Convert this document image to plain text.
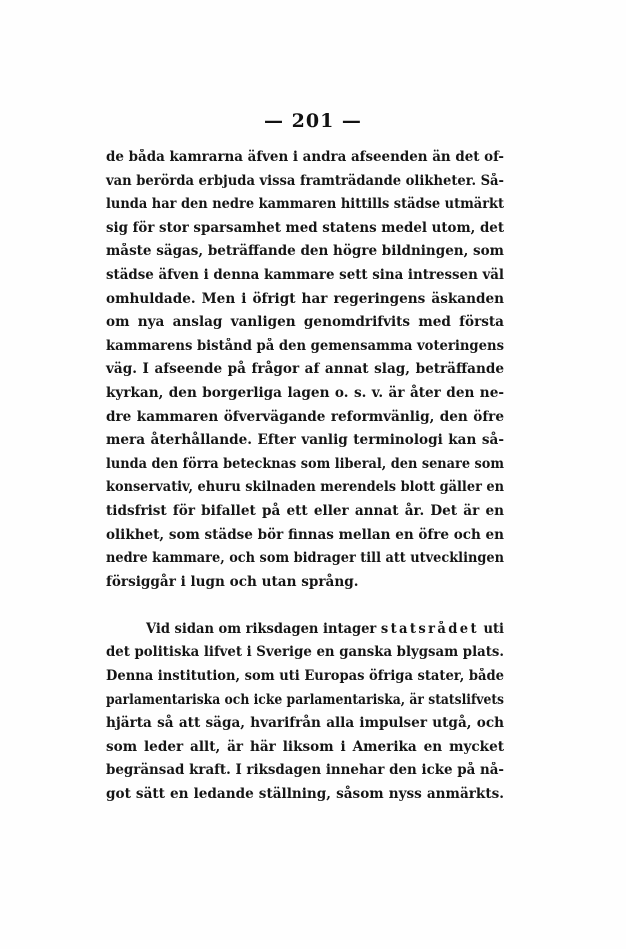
— 201 —
de båda kamrarna äfven i andra afseenden än det of-
van berörda erbjuda vissa framträdande olikheter. Så-
lunda har den nedre kammaren hittills städse utmärkt
sig för stor sparsamhet med statens medel utom, det
måste sägas, beträffande den högre bildningen, som
städse äfven i denna kammare sett sina intressen väl
omhuldade. Men i öfrigt har regeringens äskanden
om nya anslag vanligen genomdrifvits med första
kammarens bistånd på den gemensamma voteringens
väg. I afseende på frågor af annat slag, beträffande
kyrkan, den borgerliga lagen o. s. v. är åter den ne-
dre kammaren öfvervägande reformvänlig, den öfre
mera återhållande. Efter vanlig terminologi kan så-
lunda den förra betecknas som liberal, den senare som
konservativ, ehuru skilnaden merendels blott gäller en
tidsfrist för bifallet på ett eller annat år. Det är en
olikhet, som städse bör finnas mellan en öfre och en
nedre kammare, och som bidrager till att utvecklingen
försiggår i lugn och utan språng.
Vid sidan om riksdagen intager statsrådet uti
det politiska lifvet i Sverige en ganska blygsam plats.
Denna institution, som uti Europas öfriga stater, både
parlamentariska och icke parlamentariska, är statslifvets
hjärta så att säga, hvarifrån alla impulser utgå, och
som leder allt, är här liksom i Amerika en mycket
begränsad kraft. I riksdagen innehar den icke på nå-
got sätt en ledande ställning, såsom nyss anmärkts.
